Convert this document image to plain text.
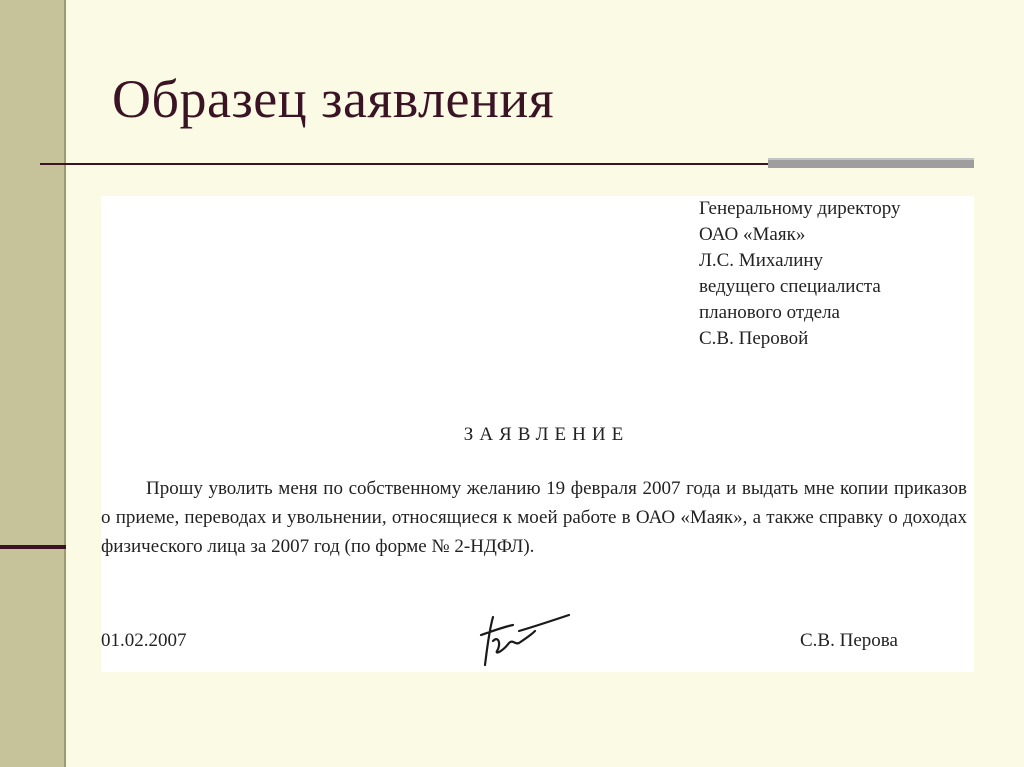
Образец заявления
Генеральному директору
ОАО «Маяк»
Л.С. Михалину
ведущего специалиста
планового отдела
С.В. Перовой
ЗАЯВЛЕНИЕ
Прошу уволить меня по собственному желанию 19 февраля 2007 года и выдать мне копии приказов о приеме, переводах и увольнении, относящиеся к моей работе в ОАО «Маяк», а также справку о доходах физического лица за 2007 год (по форме № 2-НДФЛ).
01.02.2007	С.В. Перова
